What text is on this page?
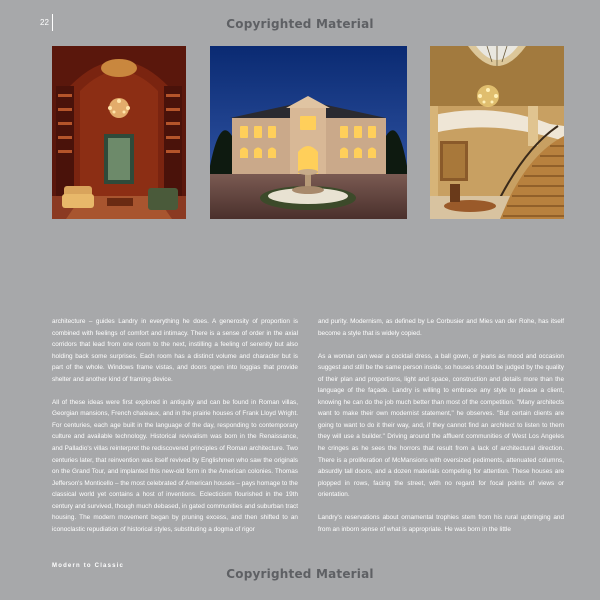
Copyrighted Material
22

architecture – guides Landry in everything he does. A generosity of proportion is combined with feelings of comfort and intimacy. There is a sense of order in the axial corridors that lead from one room to the next, instilling a feeling of serenity but also holding back some surprises. Each room has a distinct volume and character but is part of the whole. Windows frame vistas, and doors open into loggias that provide shelter and another kind of framing device.

All of these ideas were first explored in antiquity and can be found in Roman villas, Georgian mansions, French chateaux, and in the prairie houses of Frank Lloyd Wright. For centuries, each age built in the language of the day, responding to contemporary culture and available technology. Historical revivalism was born in the Renaissance, and Palladio's villas reinterpret the rediscovered principles of Roman architecture. Two centuries later, that reinvention was itself revived by Englishmen who saw the originals on the Grand Tour, and implanted this new-old form in the American colonies. Thomas Jefferson's Monticello – the most celebrated of American houses – pays homage to the classical world yet contains a host of inventions. Eclecticism flourished in the 19th century and survived, though much debased, in gated communities and suburban tract housing. The modern movement began by pruning excess, and then shifted to an iconoclastic repudiation of historical styles, substituting a dogma of rigor

and purity. Modernism, as defined by Le Corbusier and Mies van der Rohe, has itself become a style that is widely copied.

As a woman can wear a cocktail dress, a ball gown, or jeans as mood and occasion suggest and still be the same person inside, so houses should be judged by the quality of their plan and proportions, light and space, construction and details more than the language of the façade. Landry is willing to embrace any style to please a client, knowing he can do the job much better than most of the competition. "Many architects want to make their own modernist statement," he observes. "But certain clients are going to want to do it their way, and, if they cannot find an architect to listen to them they will use a builder." Driving around the affluent communities of West Los Angeles he cringes as he sees the horrors that result from a lack of architectural direction. There is a proliferation of McMansions with oversized pediments, attenuated columns, absurdly tall doors, and a dozen materials competing for attention. These houses are plopped in rows, facing the street, with no regard for focal points of views or orientation.

Landry's reservations about ornamental trophies stem from his rural upbringing and from an inborn sense of what is appropriate. He was born in the little

Modern to Classic
Copyrighted Material
